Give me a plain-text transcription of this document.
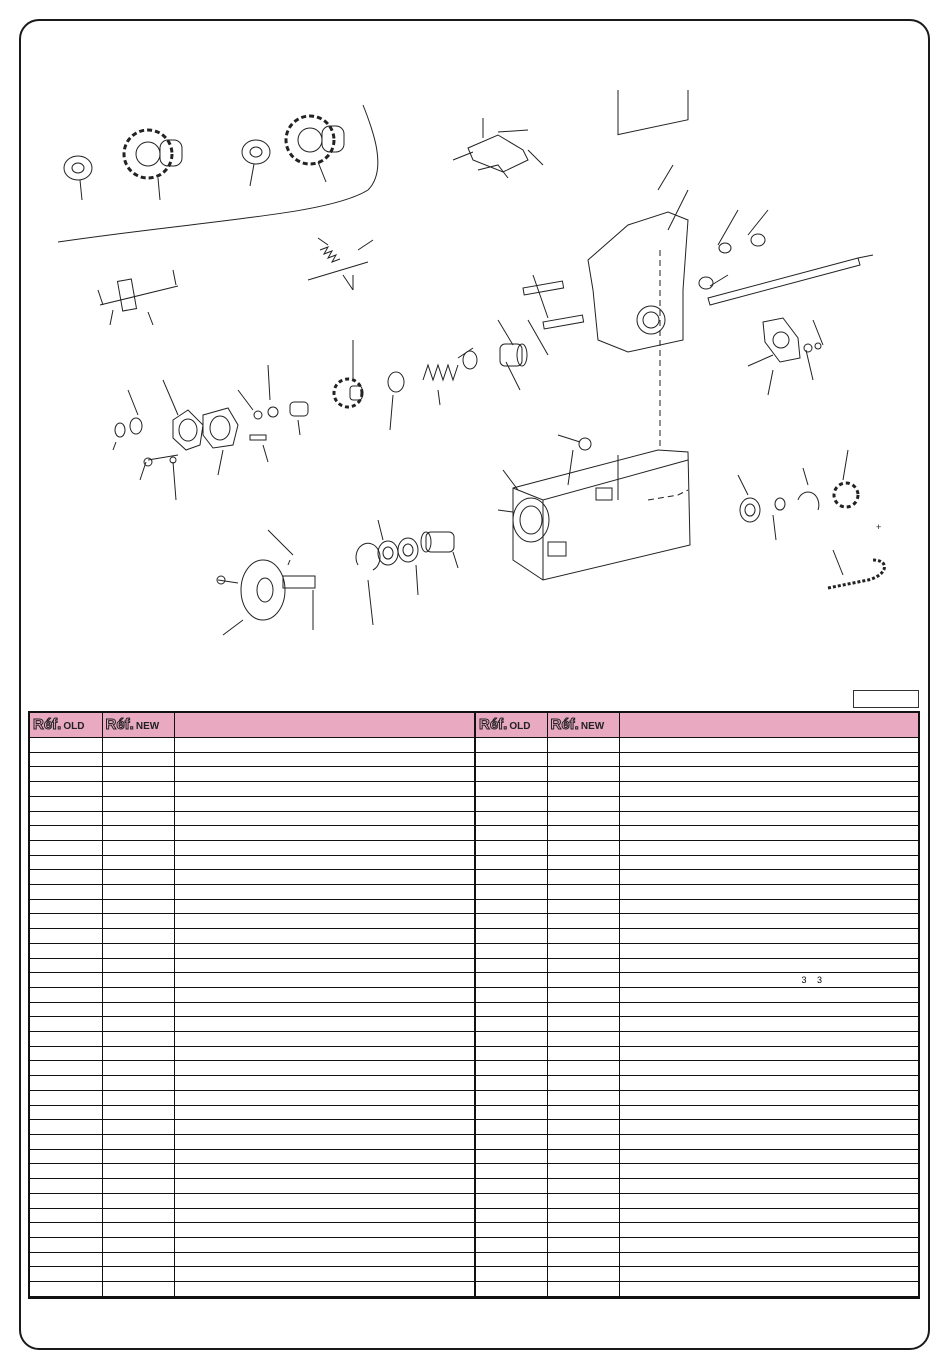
+
Réf. OLD	Réf. NEW		Réf. OLD	Réf. NEW	

					3 3
